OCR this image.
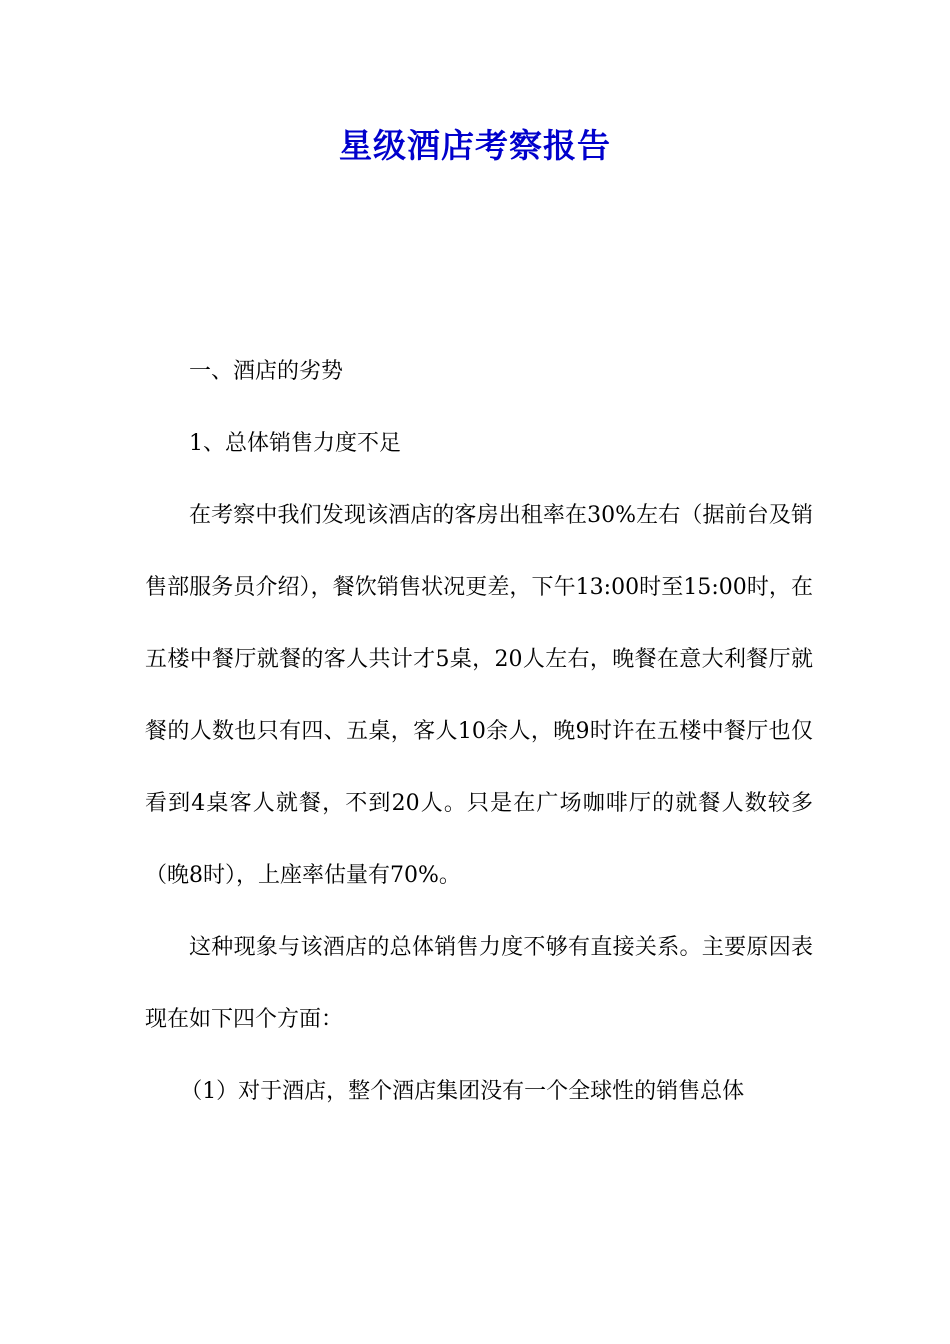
星级酒店考察报告

一、酒店的劣势

1、总体销售力度不足

在考察中我们发现该酒店的客房出租率在30%左右（据前台及销售部服务员介绍），餐饮销售状况更差，下午13:00时至15:00时，在五楼中餐厅就餐的客人共计才5桌，20人左右，晚餐在意大利餐厅就餐的人数也只有四、五桌，客人10余人，晚9时许在五楼中餐厅也仅看到4桌客人就餐，不到20人。只是在广场咖啡厅的就餐人数较多（晚8时），上座率估量有70%。

这种现象与该酒店的总体销售力度不够有直接关系。主要原因表现在如下四个方面：

（1）对于酒店，整个酒店集团没有一个全球性的销售总体
